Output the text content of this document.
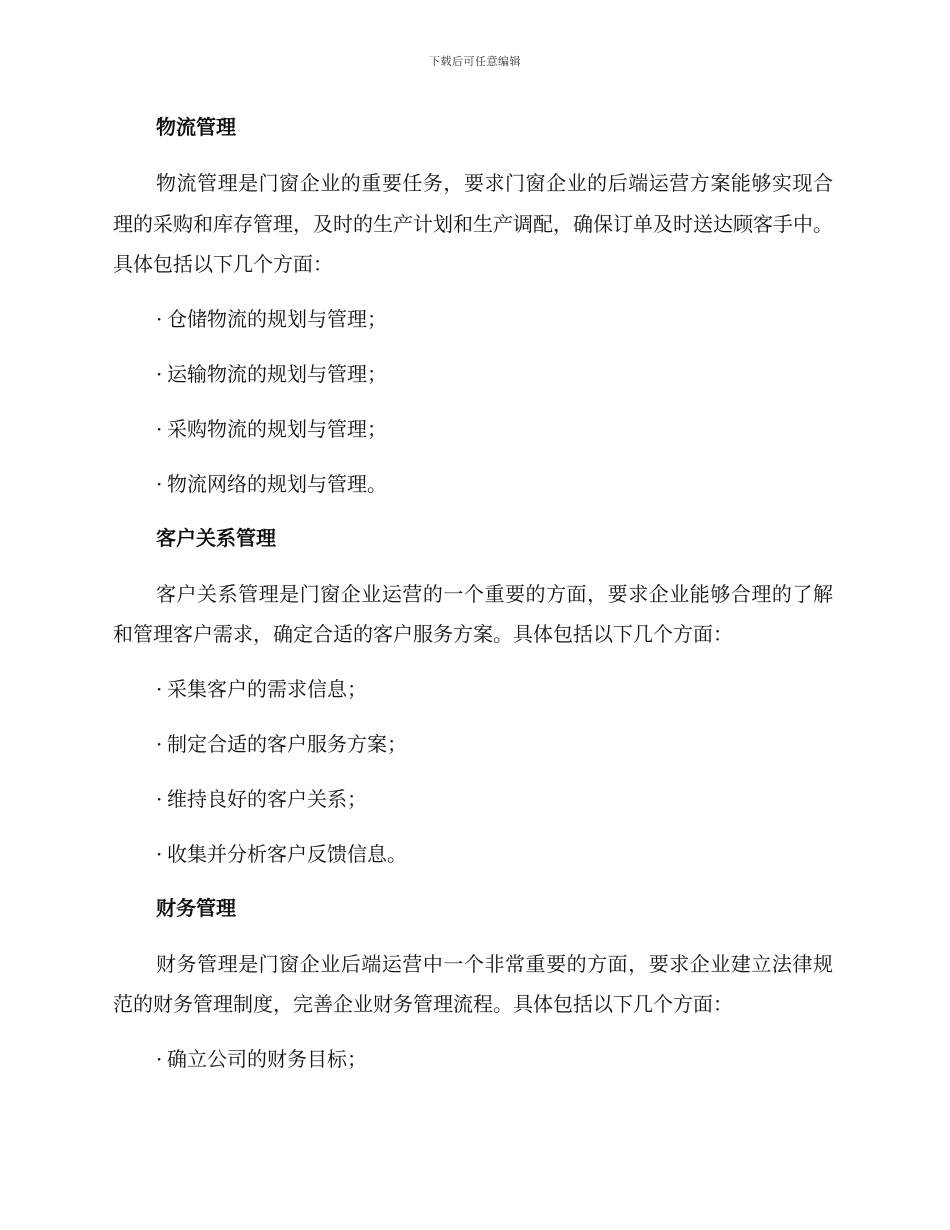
下载后可任意编辑
物流管理

物流管理是门窗企业的重要任务，要求门窗企业的后端运营方案能够实现合理的采购和库存管理，及时的生产计划和生产调配，确保订单及时送达顾客手中。具体包括以下几个方面：

· 仓储物流的规划与管理；
· 运输物流的规划与管理；
· 采购物流的规划与管理；
· 物流网络的规划与管理。
客户关系管理

客户关系管理是门窗企业运营的一个重要的方面，要求企业能够合理的了解和管理客户需求，确定合适的客户服务方案。具体包括以下几个方面：

· 采集客户的需求信息；
· 制定合适的客户服务方案；
· 维持良好的客户关系；
· 收集并分析客户反馈信息。
财务管理

财务管理是门窗企业后端运营中一个非常重要的方面，要求企业建立法律规范的财务管理制度，完善企业财务管理流程。具体包括以下几个方面：

· 确立公司的财务目标；
